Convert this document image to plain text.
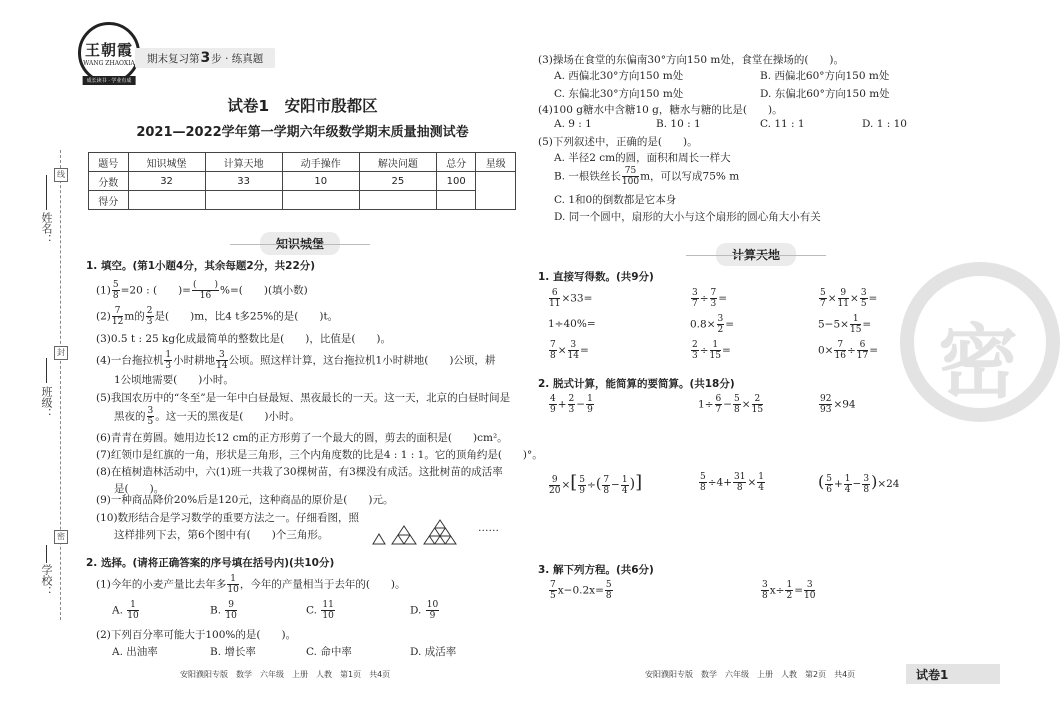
线
封
密
姓名：
班级：
学校：
王朝霞
WANG ZHAOXIA
成长读书 · 学业有成
期末复习第 3 步 · 练真题
试卷1　安阳市殷都区
2021—2022学年第一学期六年级数学期末质量抽测试卷
题号	知识城堡	计算天地	动手操作	解决问题	总分	星级
分数	32	33	10	25	100	
得分						
知识城堡
1. 填空。(第1小题4分，其余每题2分，共22分)
$(1) \frac{5}{8} =20$ : (　　)= $\frac{( )}{16}$ %=(　　)(填小数)
$(2) \frac{7}{12}$ m的 $\frac{2}{3}$ 是(　　)m，比4 t多25%的是(　　)t。
(3)0.5 t : 25 kg化成最简单的整数比是(　　)，比值是(　　)。
(4)一台拖拉机 $\frac{1}{3}$ 小时耕地 $\frac{3}{14}$ 公顷。照这样计算，这台拖拉机1小时耕地(　　)公顷，耕
1公顷地需要(　　)小时。
(5)我国农历中的“冬至”是一年中白昼最短、黑夜最长的一天。这一天，北京的白昼时间是
黑夜的 $\frac{3}{5}$ 。这一天的黑夜是(　　)小时。
(6)青青在剪圆。她用边长12 cm的正方形剪了一个最大的圆，剪去的面积是(　　)cm²。
(7)红领巾是红旗的一角，形状是三角形，三个内角度数的比是4 : 1 : 1。它的顶角约是(　　)°。
(8)在植树造林活动中，六(1)班一共栽了30棵树苗，有3棵没有成活。这批树苗的成活率
是(　　)。
(9)一种商品降价20%后是120元，这种商品的原价是(　　)元。
(10)数形结合是学习数学的重要方法之一。仔细看图，照
这样排列下去，第6个图中有(　　)个三角形。
……
2. 选择。(请将正确答案的序号填在括号内)(共10分)
(1)今年的小麦产量比去年多 $\frac{1}{10}$ ，今年的产量相当于去年的(　　)。
A. $\frac{1}{10}$	B. $\frac{9}{10}$	C. $\frac{11}{10}$	D. $\frac{10}{9}$
(2)下列百分率可能大于100%的是(　　)。
A. 出油率	B. 增长率	C. 命中率	D. 成活率
安阳濮阳专版　数学　六年级　上册　人教　第1页　共4页
密
(3)操场在食堂的东偏南30°方向150 m处，食堂在操场的(　　)。
A. 西偏北30°方向150 m处	B. 西偏北60°方向150 m处
C. 东偏北30°方向150 m处	D. 东偏北60°方向150 m处
(4)100 g糖水中含糖10 g，糖水与糖的比是(　　)。
A. 9 : 1	B. 10 : 1	C. 11 : 1	D. 1 : 10
(5)下列叙述中，正确的是(　　)。
A. 半径2 cm的圆，面积和周长一样大
B. 一根铁丝长 $\frac{75}{100}$ m，可以写成75% m
C. 1和0的倒数都是它本身
D. 同一个圆中，扇形的大小与这个扇形的圆心角大小有关
计算天地
1. 直接写得数。(共9分)
$\frac{6}{11} \times 33=$	$\frac{3}{7} \div \frac{7}{3}$ =	$\frac{5}{7} \times \frac{9}{11} \times \frac{3}{5}$ =
1÷40%=	$0.8\times \frac{3}{2}$ =	$5-5\times \frac{1}{15}$ =
$\frac{7}{8} \times \frac{3}{14}$ =	$\frac{2}{3} \div \frac{1}{15}$ =	$0\times \frac{7}{16} \div \frac{6}{17}$ =
2. 脱式计算，能简算的要简算。(共18分)
$\frac{4}{9} + \frac{2}{3} - \frac{1}{9}$	$1\div \frac{6}{7} - \frac{5}{8} \times \frac{2}{15}$	$\frac{92}{93} \times 94$
$\frac{9}{20}$ ×[ $\frac{5}{9}$ ÷( $\frac{7}{8} - \frac{1}{4}$ )]	$\frac{5}{8} \div 4+ \frac{31}{8} \times \frac{1}{4}$	( $\frac{5}{6} + \frac{1}{4} - \frac{3}{8} )\times 24$
3. 解下列方程。(共6分)
$\frac{7}{5} x-0.2x= \frac{5}{8}$	$\frac{3}{8} x\div \frac{1}{2} = \frac{3}{10}$
安阳濮阳专版　数学　六年级　上册　人教　第2页　共4页	试卷1
